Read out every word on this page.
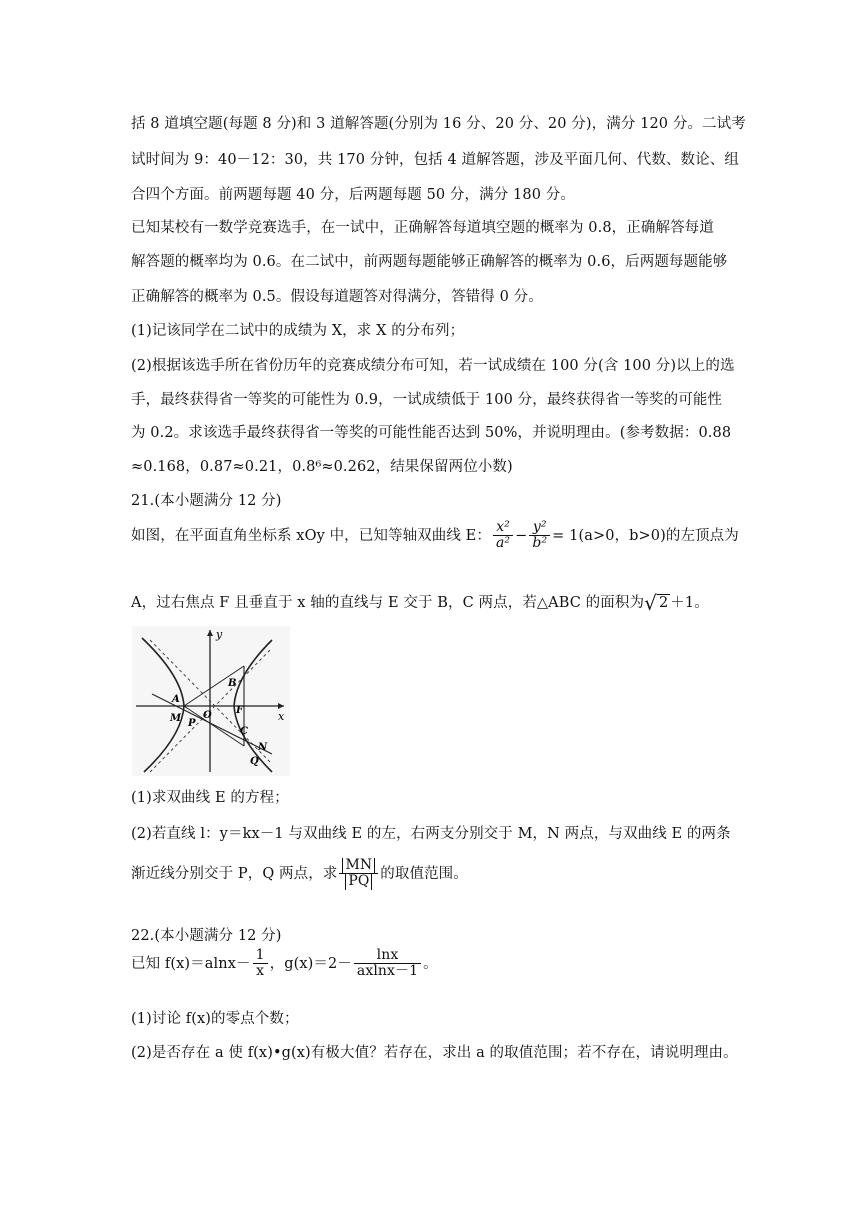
括 8 道填空题(每题 8 分)和 3 道解答题(分别为 16 分、20 分、20 分)，满分 120 分。二试考
试时间为 9：40－12：30，共 170 分钟，包括 4 道解答题，涉及平面几何、代数、数论、组
合四个方面。前两题每题 40 分，后两题每题 50 分，满分 180 分。
已知某校有一数学竞赛选手，在一试中，正确解答每道填空题的概率为 0.8，正确解答每道
解答题的概率均为 0.6。在二试中，前两题每题能够正确解答的概率为 0.6，后两题每题能够
正确解答的概率为 0.5。假设每道题答对得满分，答错得 0 分。
(1)记该同学在二试中的成绩为 X，求 X 的分布列；
(2)根据该选手所在省份历年的竞赛成绩分布可知，若一试成绩在 100 分(含 100 分)以上的选
手，最终获得省一等奖的可能性为 0.9，一试成绩低于 100 分，最终获得省一等奖的可能性
为 0.2。求该选手最终获得省一等奖的可能性能否达到 50%，并说明理由。(参考数据：0.88
≈0.168，0.87≈0.21，0.8⁶≈0.262，结果保留两位小数)
21.(本小题满分 12 分)
如图，在平面直角坐标系 xOy 中，已知等轴双曲线 E： $\frac{\text{x²}}{\text{a²}} - \frac{\text{y²}}{\text{b²}} = 1(a>0$，b>0)的左顶点为
A，过右焦点 F 且垂直于 x 轴的直线与 E 交于 B，C 两点，若△ABC 的面积为√ 2 ＋1。
y
x
A
O F
B
C
M P
N
Q
(1)求双曲线 E 的方程；
(2)若直线 l：y＝kx－1 与双曲线 E 的左，右两支分别交于 M，N 两点，与双曲线 E 的两条
渐近线分别交于 P，Q 两点，求 $\frac{MN}{PQ}$ 的取值范围。
22.(本小题满分 12 分)
已知 $f(x)=alnx- \frac{1}{x}$ ，$g(x)=2- \frac{\ln x}{axlnx-1}$ 。
(1)讨论 f(x)的零点个数；
(2)是否存在 a 使 f(x)•g(x)有极大值？若存在，求出 a 的取值范围；若不存在，请说明理由。
